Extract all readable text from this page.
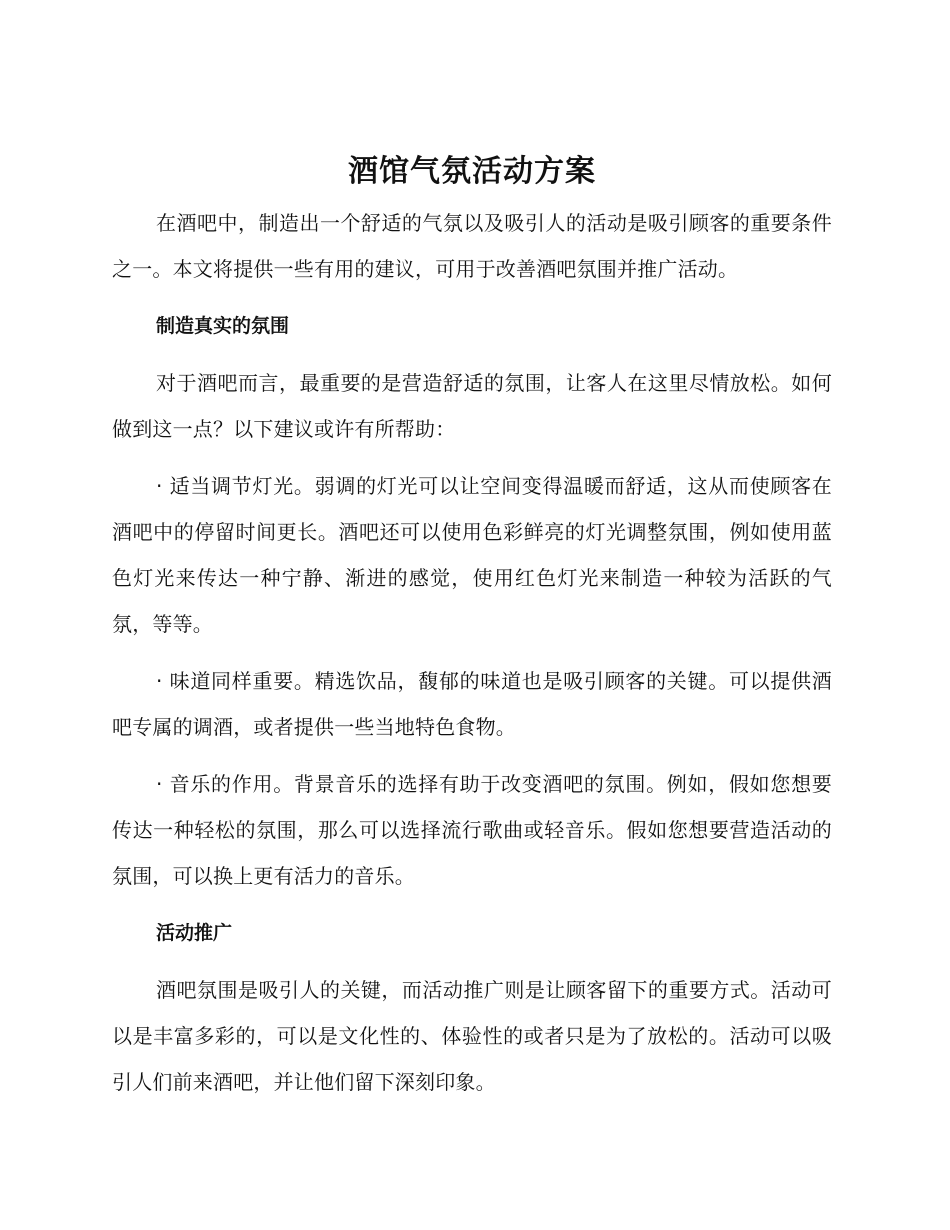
酒馆气氛活动方案

在酒吧中，制造出一个舒适的气氛以及吸引人的活动是吸引顾客的重要条件之一。本文将提供一些有用的建议，可用于改善酒吧氛围并推广活动。

制造真实的氛围

对于酒吧而言，最重要的是营造舒适的氛围，让客人在这里尽情放松。如何做到这一点？以下建议或许有所帮助：

· 适当调节灯光。弱调的灯光可以让空间变得温暖而舒适，这从而使顾客在酒吧中的停留时间更长。酒吧还可以使用色彩鲜亮的灯光调整氛围，例如使用蓝色灯光来传达一种宁静、渐进的感觉，使用红色灯光来制造一种较为活跃的气氛，等等。

· 味道同样重要。精选饮品，馥郁的味道也是吸引顾客的关键。可以提供酒吧专属的调酒，或者提供一些当地特色食物。

· 音乐的作用。背景音乐的选择有助于改变酒吧的氛围。例如，假如您想要传达一种轻松的氛围，那么可以选择流行歌曲或轻音乐。假如您想要营造活动的氛围，可以换上更有活力的音乐。

活动推广

酒吧氛围是吸引人的关键，而活动推广则是让顾客留下的重要方式。活动可以是丰富多彩的，可以是文化性的、体验性的或者只是为了放松的。活动可以吸引人们前来酒吧，并让他们留下深刻印象。
